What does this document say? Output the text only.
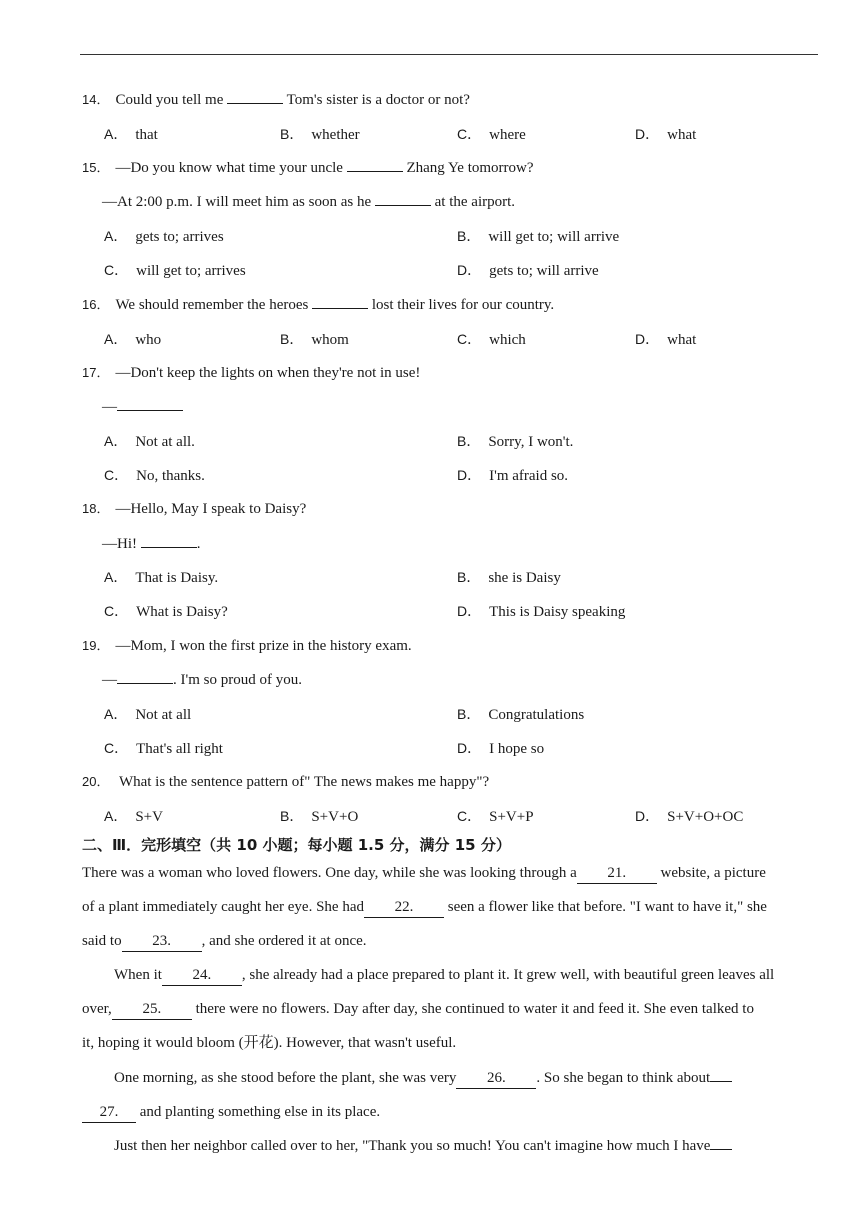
14． Could you tell me	Tom's sister is a doctor or not?
A． that	B． whether	C． where	D． what
15． —Do you know what time your uncle	Zhang Ye tomorrow?
—At 2:00 p.m. I will meet him as soon as he	at the airport.
A． gets to; arrives	B． will get to; will arrive
C． will get to; arrives	D． gets to; will arrive
16． We should remember the heroes	lost their lives for our country.
A． who	B． whom	C． which	D． what
17． —Don't keep the lights on when they're not in use!
—
A． Not at all.	B． Sorry, I won't.
C． No, thanks.	D． I'm afraid so.
18． —Hello, May I speak to Daisy?
—Hi!	.
A． That is Daisy.	B． she is Daisy
C． What is Daisy?	D． This is Daisy speaking
19． —Mom, I won the first prize in the history exam.
—	. I'm so proud of you.
A． Not at all	B． Congratulations
C． That's all right	D． I hope so
20． What is the sentence pattern of" The news makes me happy"?
A． S+V	B． S+V+O	C． S+V+P	D． S+V+O+OC
二、Ⅲ．完形填空（共 10 小题；每小题 1.5 分，满分 15 分）
There was a woman who loved flowers. One day, while she was looking through a 21. website, a picture
of a plant immediately caught her eye. She had 22. seen a flower like that before. "I want to have it," she
said to 23. , and she ordered it at once.
When it 24. , she already had a place prepared to plant it. It grew well, with beautiful green leaves all
over, 25. there were no flowers. Day after day, she continued to water it and feed it. She even talked to
it, hoping it would bloom (开花). However, that wasn't useful.
One morning, as she stood before the plant, she was very 26. . So she began to think about
27. and planting something else in its place.
Just then her neighbor called over to her, "Thank you so much! You can't imagine how much I have
